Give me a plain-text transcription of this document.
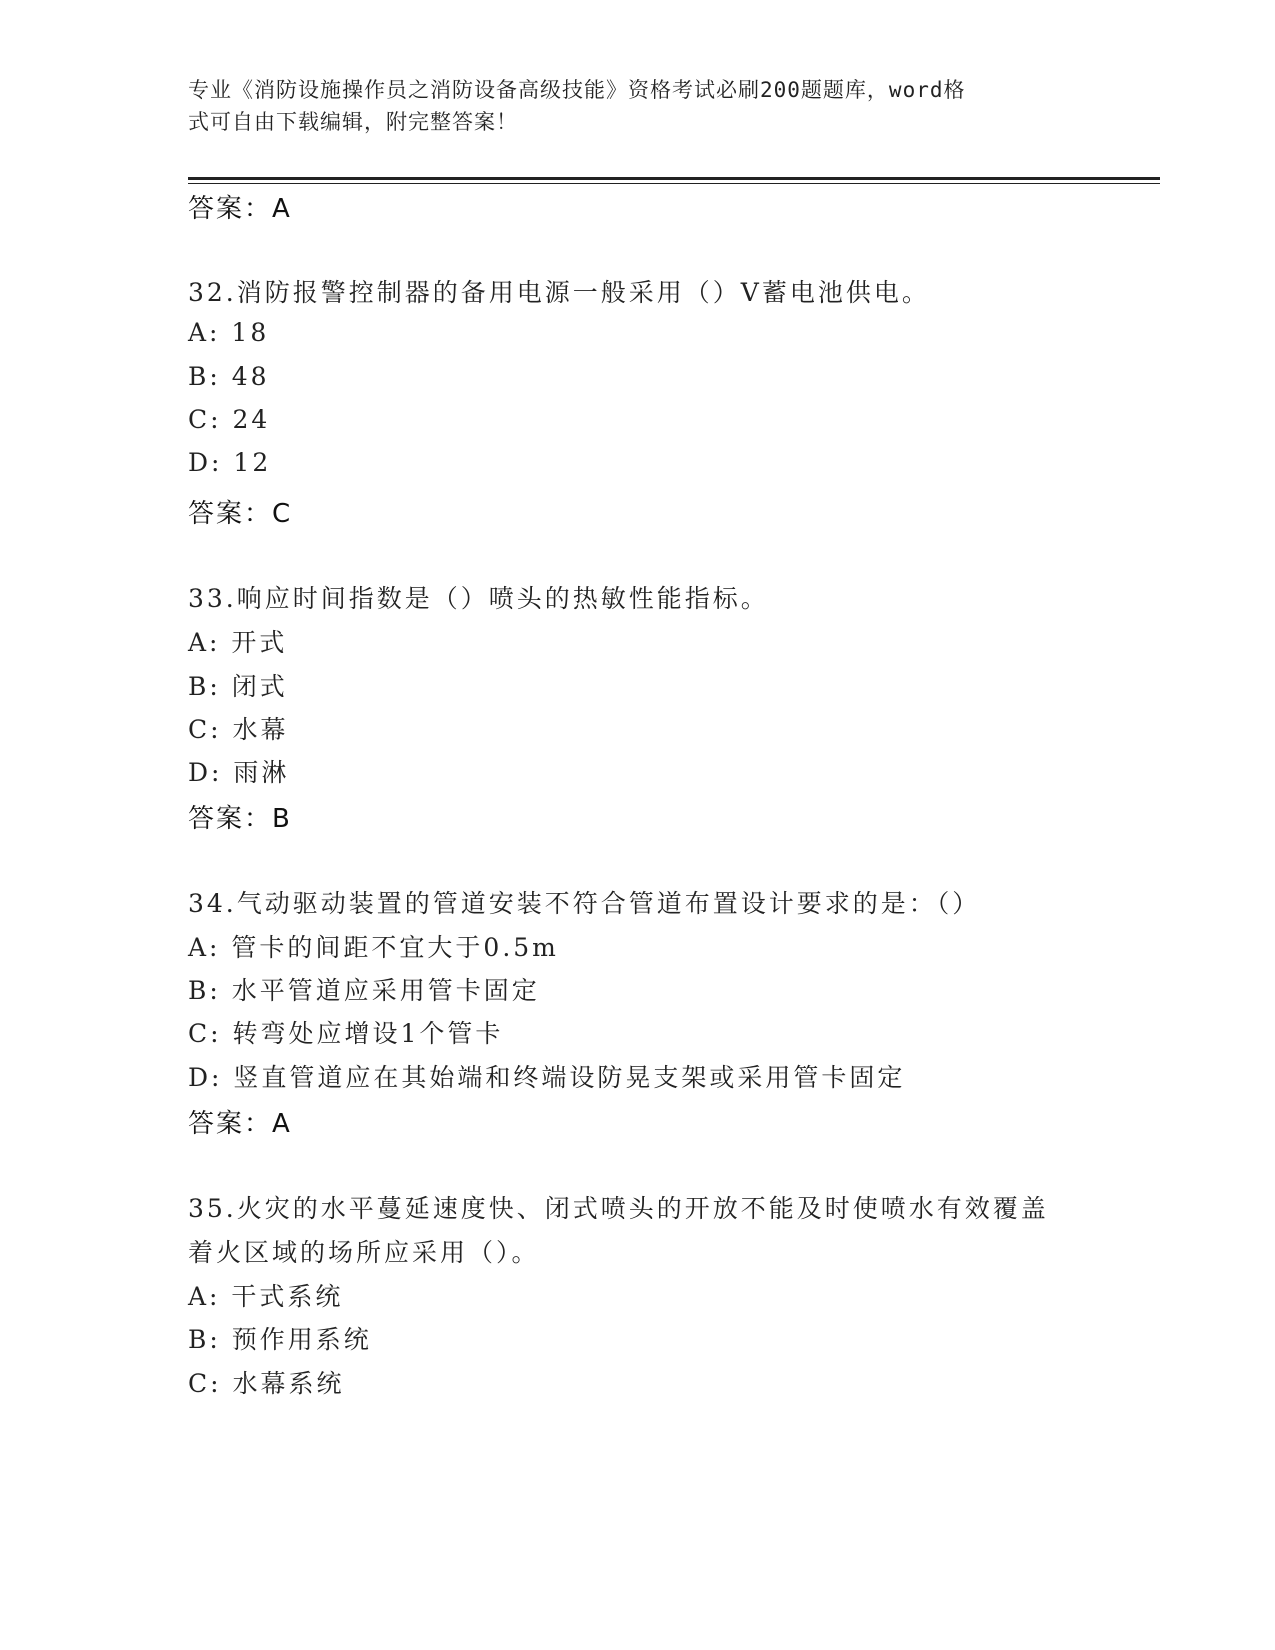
专业《消防设施操作员之消防设备高级技能》资格考试必刷200题题库，word格
式可自由下载编辑，附完整答案！
答案：A
32.消防报警控制器的备用电源一般采用（）V蓄电池供电。
A: 18
B: 48
C: 24
D: 12
答案：C
33.响应时间指数是（）喷头的热敏性能指标。
A: 开式
B: 闭式
C: 水幕
D: 雨淋
答案：B
34.气动驱动装置的管道安装不符合管道布置设计要求的是：（）
A: 管卡的间距不宜大于0.5m
B: 水平管道应采用管卡固定
C: 转弯处应增设1个管卡
D: 竖直管道应在其始端和终端设防晃支架或采用管卡固定
答案：A
35.火灾的水平蔓延速度快、闭式喷头的开放不能及时使喷水有效覆盖
着火区域的场所应采用（）。
A: 干式系统
B: 预作用系统
C: 水幕系统
